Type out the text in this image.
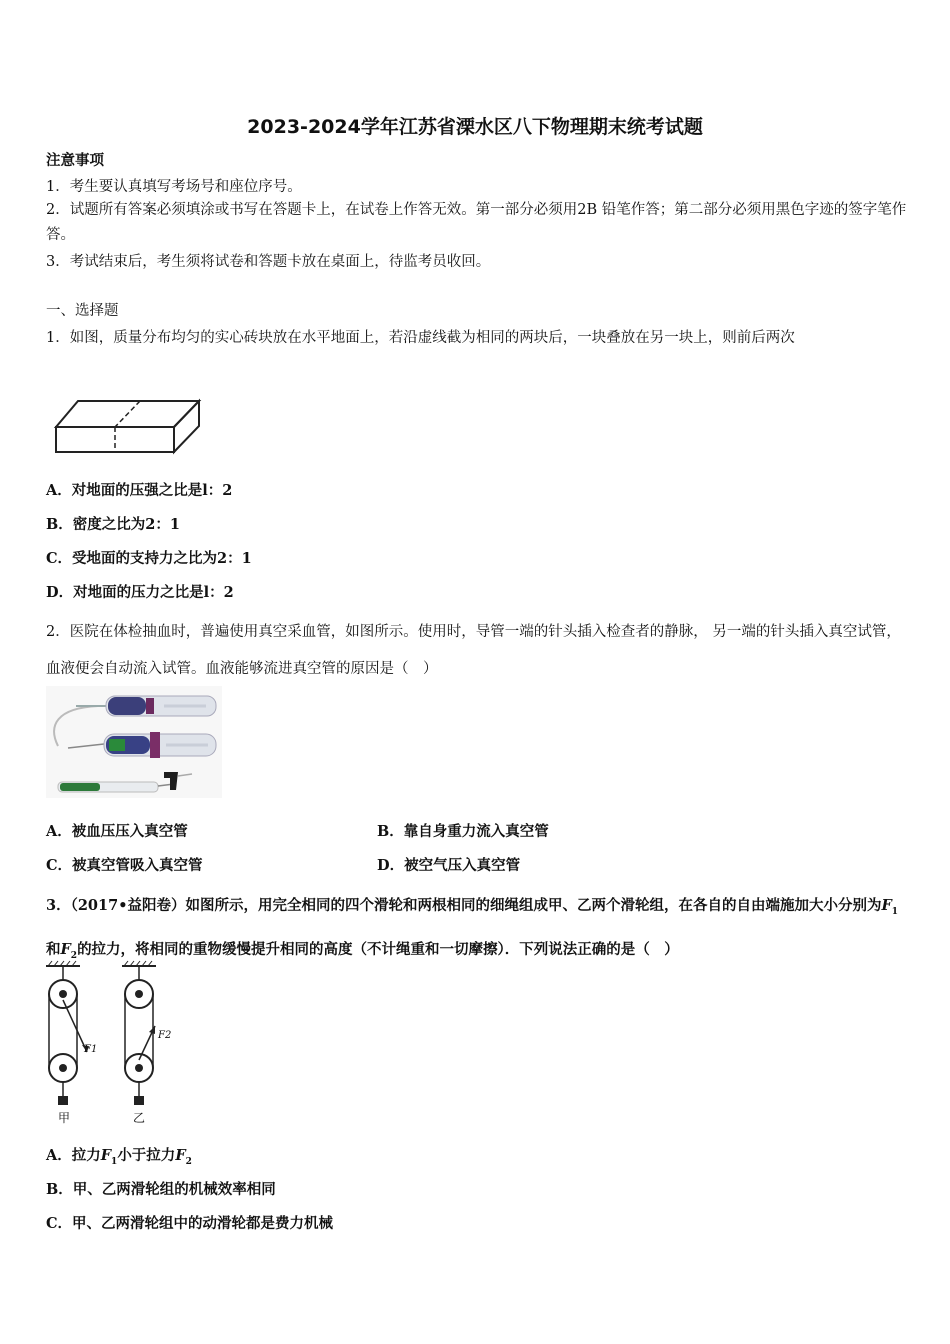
2023-2024学年江苏省溧水区八下物理期末统考试题
注意事项
1．考生要认真填写考场号和座位序号。
2．试题所有答案必须填涂或书写在答题卡上，在试卷上作答无效。第一部分必须用2B 铅笔作答；第二部分必须用黑色字迹的签字笔作答。
3．考试结束后，考生须将试卷和答题卡放在桌面上，待监考员收回。
一、选择题
1．如图，质量分布均匀的实心砖块放在水平地面上，若沿虚线截为相同的两块后，一块叠放在另一块上，则前后两次
A．对地面的压强之比是l：2
B．密度之比为2：1
C．受地面的支持力之比为2：1
D．对地面的压力之比是l：2
2．医院在体检抽血时，普遍使用真空采血管，如图所示。使用时，导管一端的针头插入检查者的静脉， 另一端的针头插入真空试管，血液便会自动流入试管。血液能够流进真空管的原因是（　）
A．被血压压入真空管	B．靠自身重力流入真空管
C．被真空管吸入真空管	D．被空气压入真空管
3．（2017•益阳卷）如图所示，用完全相同的四个滑轮和两根相同的细绳组成甲、乙两个滑轮组，在各自的自由端施加大小分别为$F_1$和$F_2$的拉力，将相同的重物缓慢提升相同的高度（不计绳重和一切摩擦）．下列说法正确的是（　）
F1
F2
甲	乙
A．拉力$F_1$小于拉力$F_2$
B．甲、乙两滑轮组的机械效率相同
C．甲、乙两滑轮组中的动滑轮都是费力机械
